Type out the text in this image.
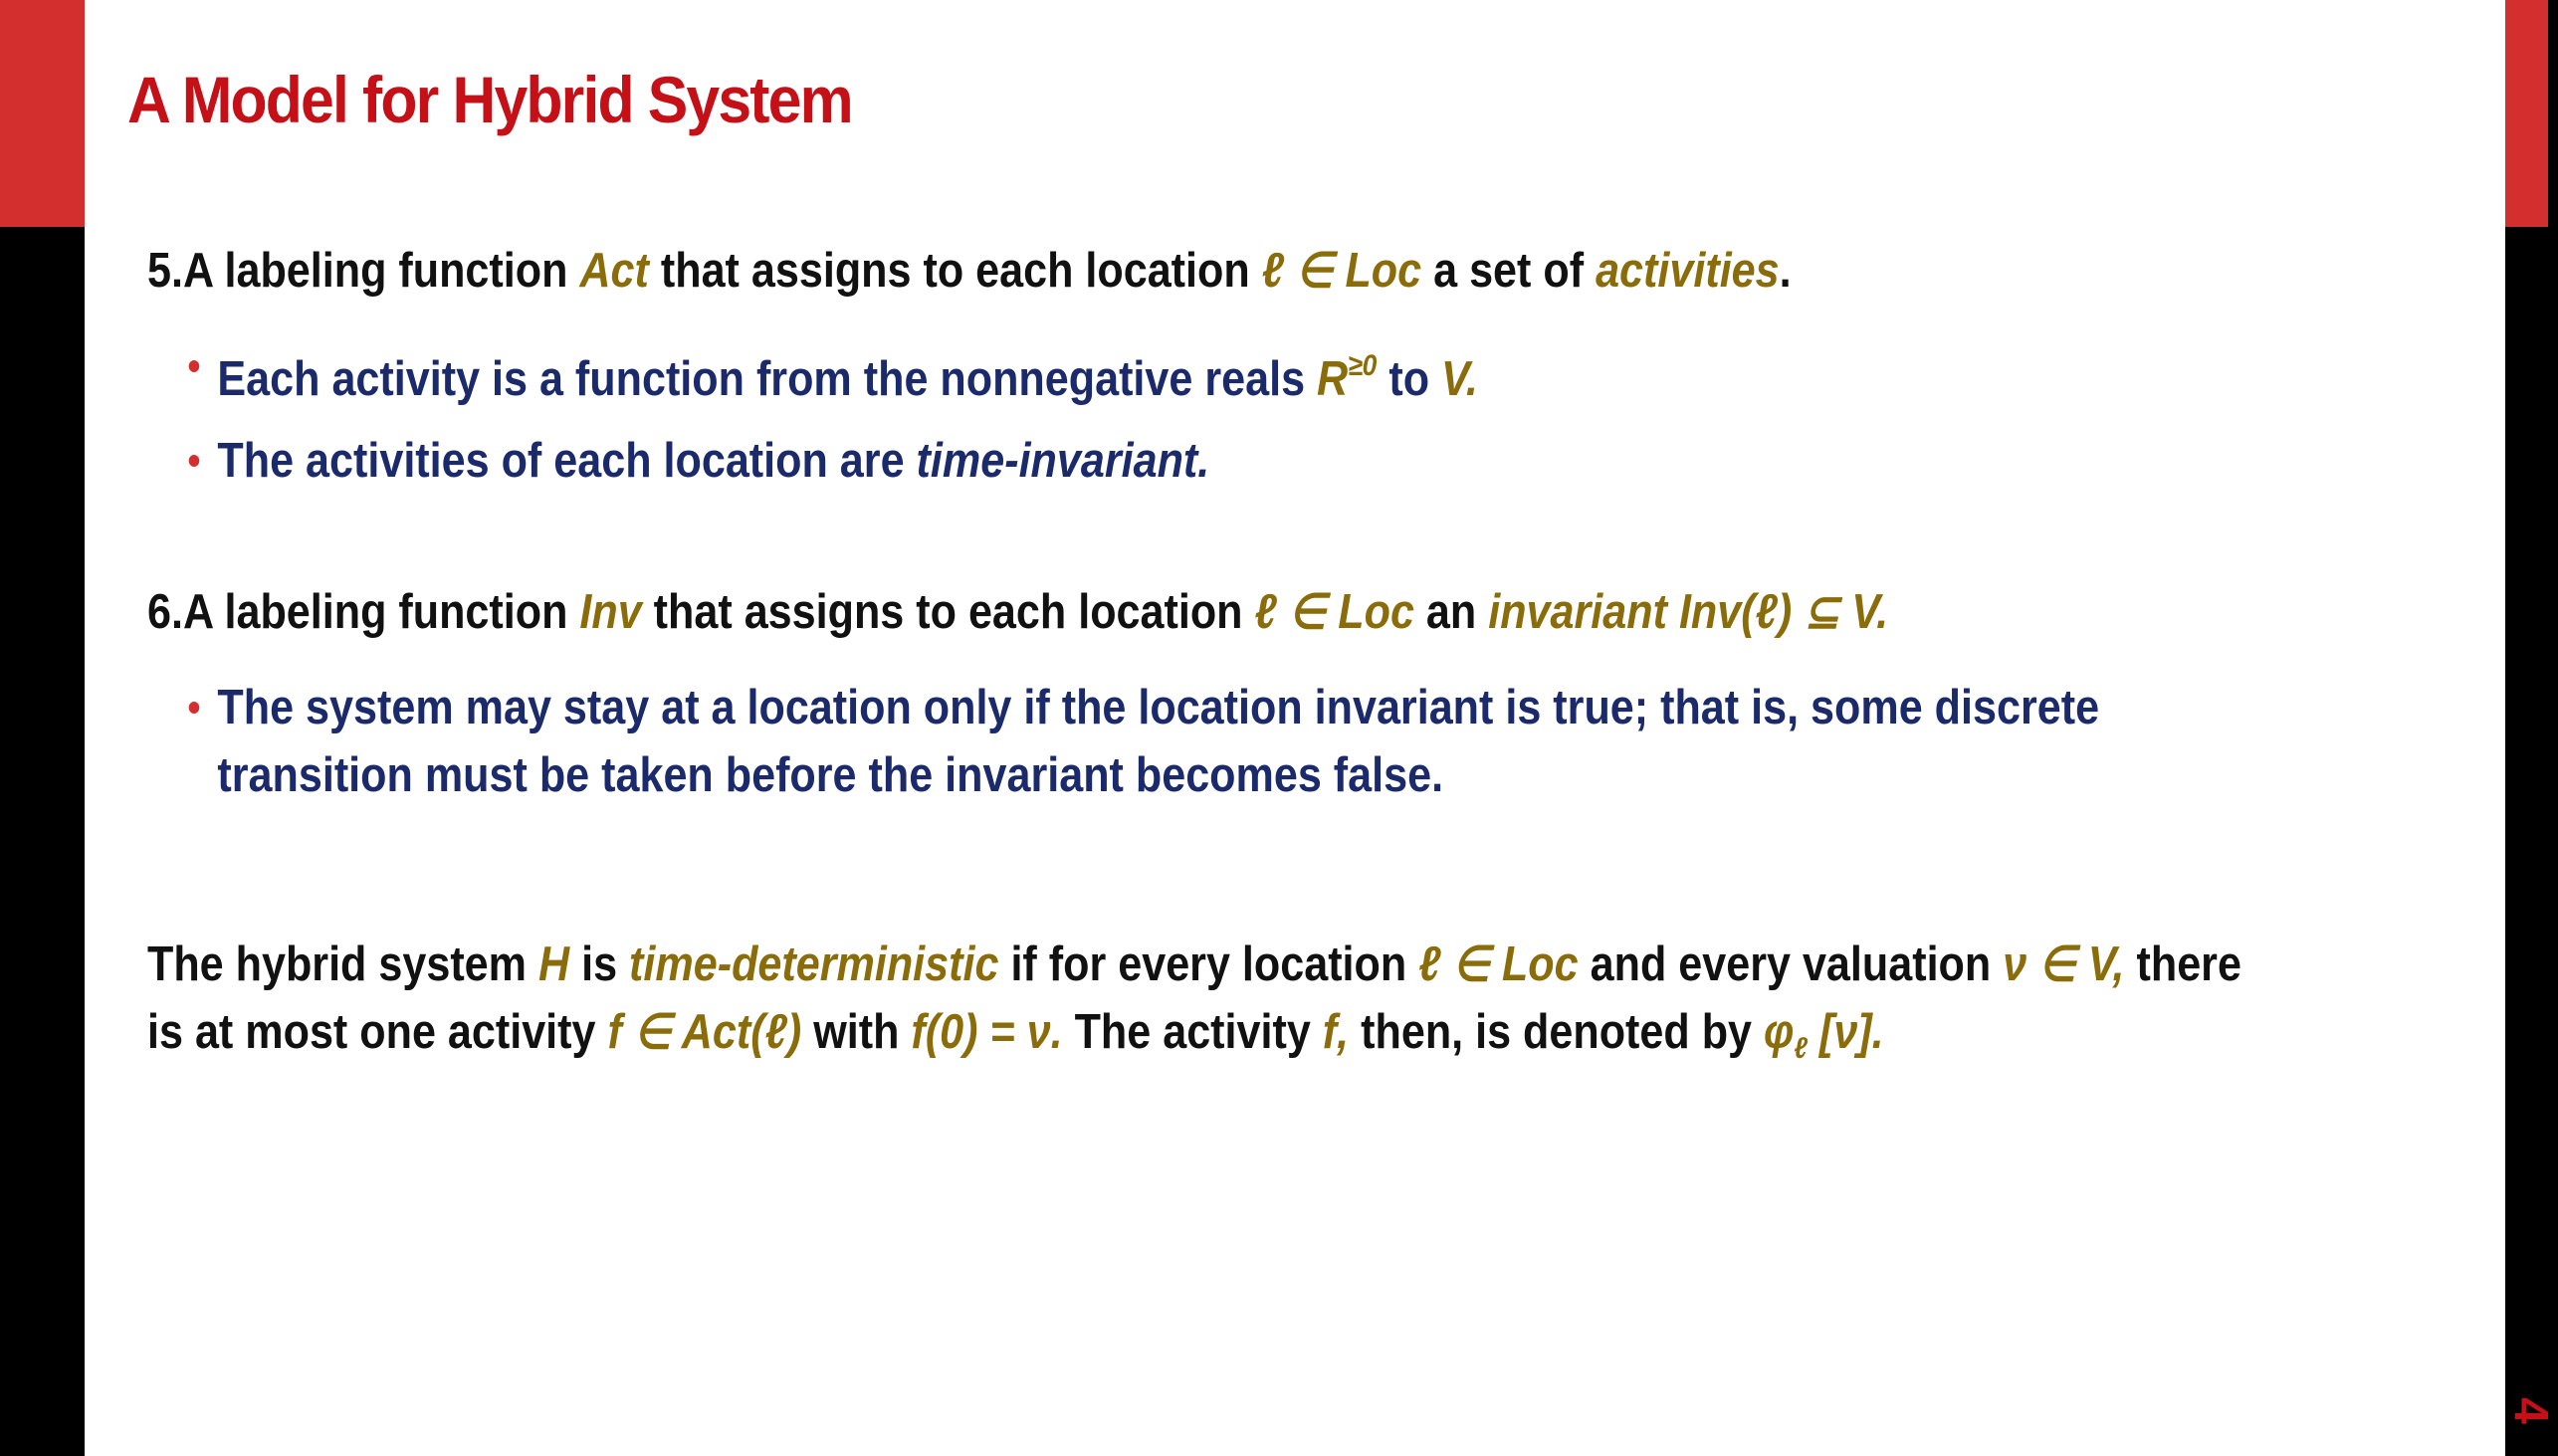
A Model for Hybrid System
5.A labeling function Act that assigns to each location ℓ ∈ Loc a set of activities.
• Each activity is a function from the nonnegative reals $R^{\ge 0}$ to V.
• The activities of each location are time-invariant.
6.A labeling function Inv that assigns to each location ℓ ∈ Loc an invariant Inv(ℓ) ⊆ V.
• The system may stay at a location only if the location invariant is true; that is, some discrete
transition must be taken before the invariant becomes false.
The hybrid system H is time-deterministic if for every location ℓ ∈ Loc and every valuation ν ∈ V, there
is at most one activity f ∈ Act(ℓ) with f(0) = ν. The activity f, then, is denoted by $\varphi_\ell$ [ν].
4
